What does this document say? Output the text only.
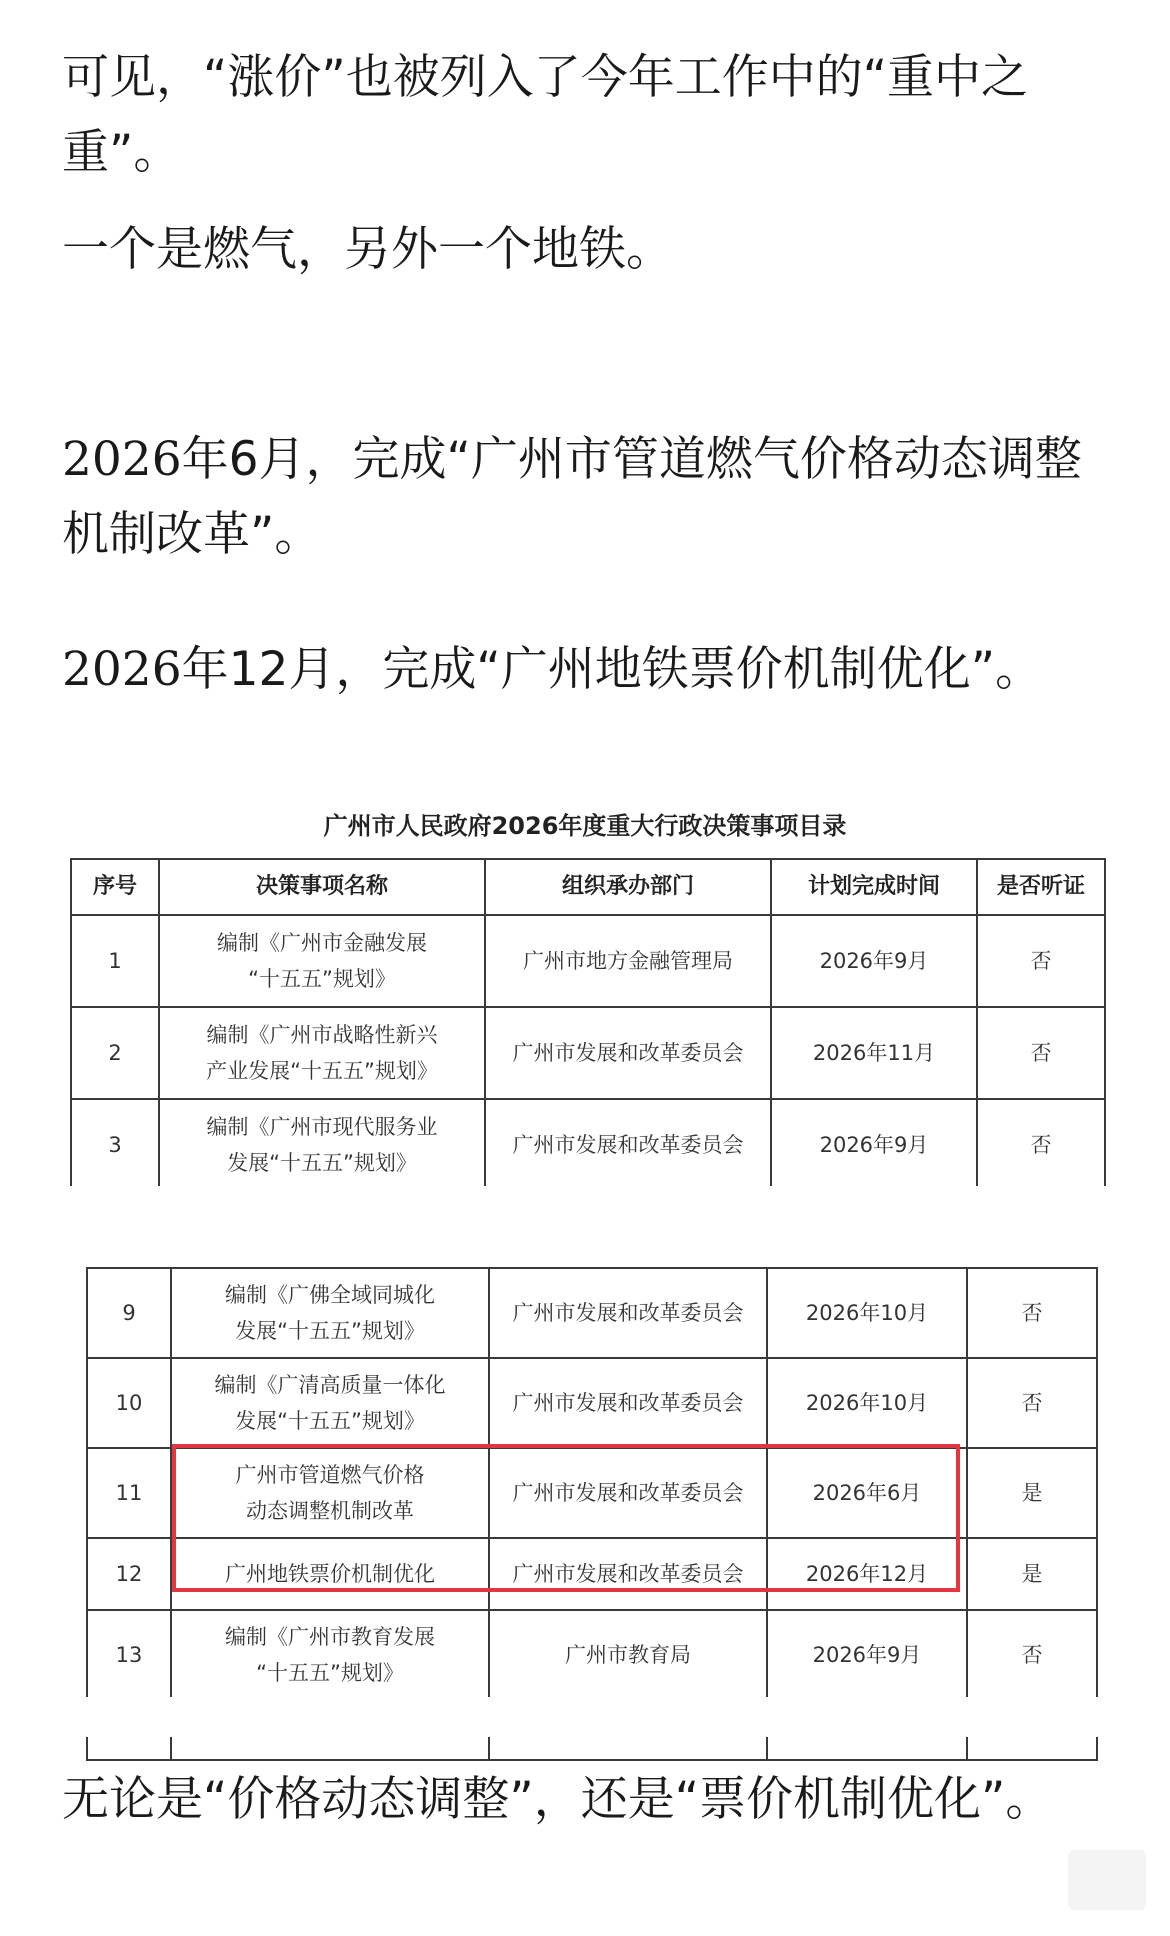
可见，“涨价”也被列入了今年工作中的“重中之重”。

一个是燃气，另外一个地铁。

2026年6月，完成“广州市管道燃气价格动态调整机制改革”。

2026年12月，完成“广州地铁票价机制优化”。

广州市人民政府2026年度重大行政决策事项目录
序号	决策事项名称	组织承办部门	计划完成时间	是否听证
1	编制《广州市金融发展
“十五五”规划》	广州市地方金融管理局	2026年9月	否
2	编制《广州市战略性新兴
产业发展“十五五”规划》	广州市发展和改革委员会	2026年11月	否
3	编制《广州市现代服务业
发展“十五五”规划》	广州市发展和改革委员会	2026年9月	否
9	编制《广佛全域同城化
发展“十五五”规划》	广州市发展和改革委员会	2026年10月	否
10	编制《广清高质量一体化
发展“十五五”规划》	广州市发展和改革委员会	2026年10月	否
11	广州市管道燃气价格
动态调整机制改革	广州市发展和改革委员会	2026年6月	是
12	广州地铁票价机制优化	广州市发展和改革委员会	2026年12月	是
13	编制《广州市教育发展
“十五五”规划》	广州市教育局	2026年9月	否

无论是“价格动态调整”，还是“票价机制优化”。
